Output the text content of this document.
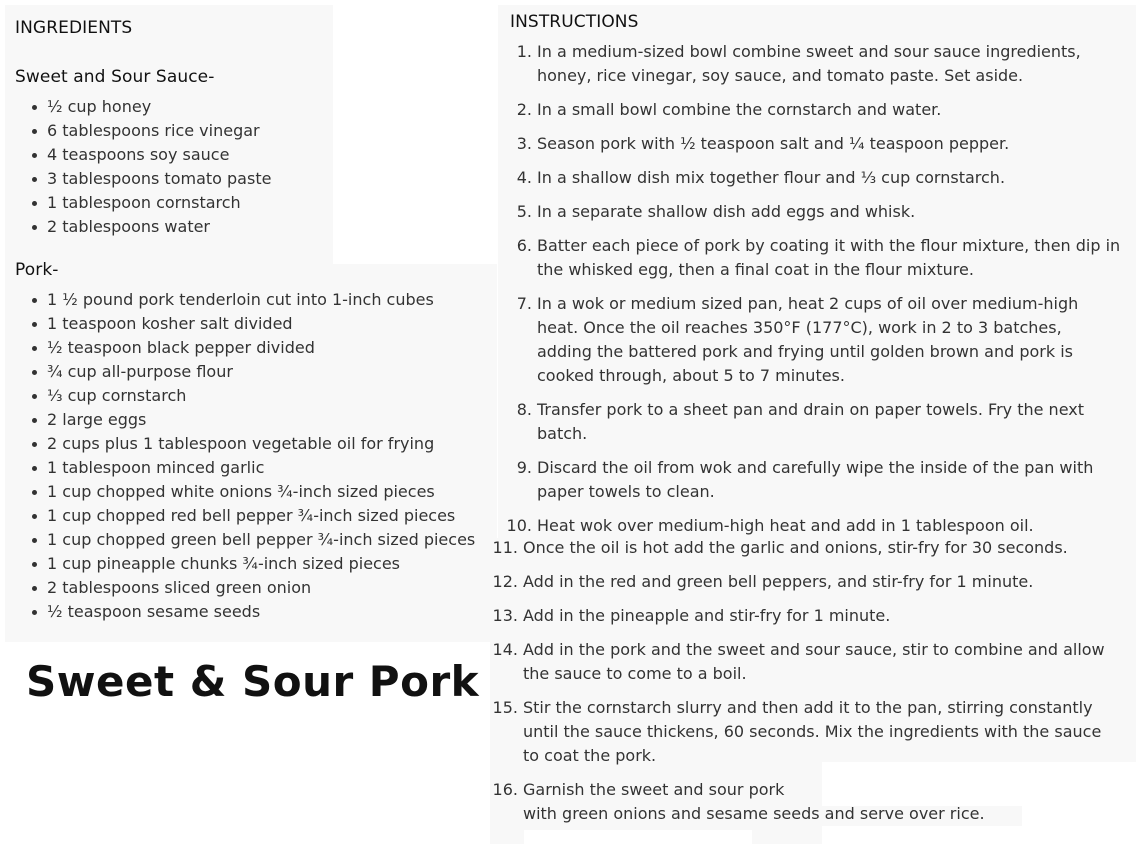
INGREDIENTS
Sweet and Sour Sauce-
½ cup honey
6 tablespoons rice vinegar
4 teaspoons soy sauce
3 tablespoons tomato paste
1 tablespoon cornstarch
2 tablespoons water
Pork-
1 ½ pound pork tenderloin cut into 1-inch cubes
1 teaspoon kosher salt divided
½ teaspoon black pepper divided
¾ cup all-purpose flour
⅓ cup cornstarch
2 large eggs
2 cups plus 1 tablespoon vegetable oil for frying
1 tablespoon minced garlic
1 cup chopped white onions ¾-inch sized pieces
1 cup chopped red bell pepper ¾-inch sized pieces
1 cup chopped green bell pepper ¾-inch sized pieces
1 cup pineapple chunks ¾-inch sized pieces
2 tablespoons sliced green onion
½ teaspoon sesame seeds
Sweet & Sour Pork
INSTRUCTIONS
1. In a medium-sized bowl combine sweet and sour sauce ingredients,
honey, rice vinegar, soy sauce, and tomato paste. Set aside.
2. In a small bowl combine the cornstarch and water.
3. Season pork with ½ teaspoon salt and ¼ teaspoon pepper.
4. In a shallow dish mix together flour and ⅓ cup cornstarch.
5. In a separate shallow dish add eggs and whisk.
6. Batter each piece of pork by coating it with the flour mixture, then dip in
the whisked egg, then a final coat in the flour mixture.
7. In a wok or medium sized pan, heat 2 cups of oil over medium-high
heat. Once the oil reaches 350°F (177°C), work in 2 to 3 batches,
adding the battered pork and frying until golden brown and pork is
cooked through, about 5 to 7 minutes.
8. Transfer pork to a sheet pan and drain on paper towels. Fry the next
batch.
9. Discard the oil from wok and carefully wipe the inside of the pan with
paper towels to clean.
10. Heat wok over medium-high heat and add in 1 tablespoon oil.
11. Once the oil is hot add the garlic and onions, stir-fry for 30 seconds.
12. Add in the red and green bell peppers, and stir-fry for 1 minute.
13. Add in the pineapple and stir-fry for 1 minute.
14. Add in the pork and the sweet and sour sauce, stir to combine and allow
the sauce to come to a boil.
15. Stir the cornstarch slurry and then add it to the pan, stirring constantly
until the sauce thickens, 60 seconds. Mix the ingredients with the sauce
to coat the pork.
16. Garnish the sweet and sour pork
with green onions and sesame seeds and serve over rice.
